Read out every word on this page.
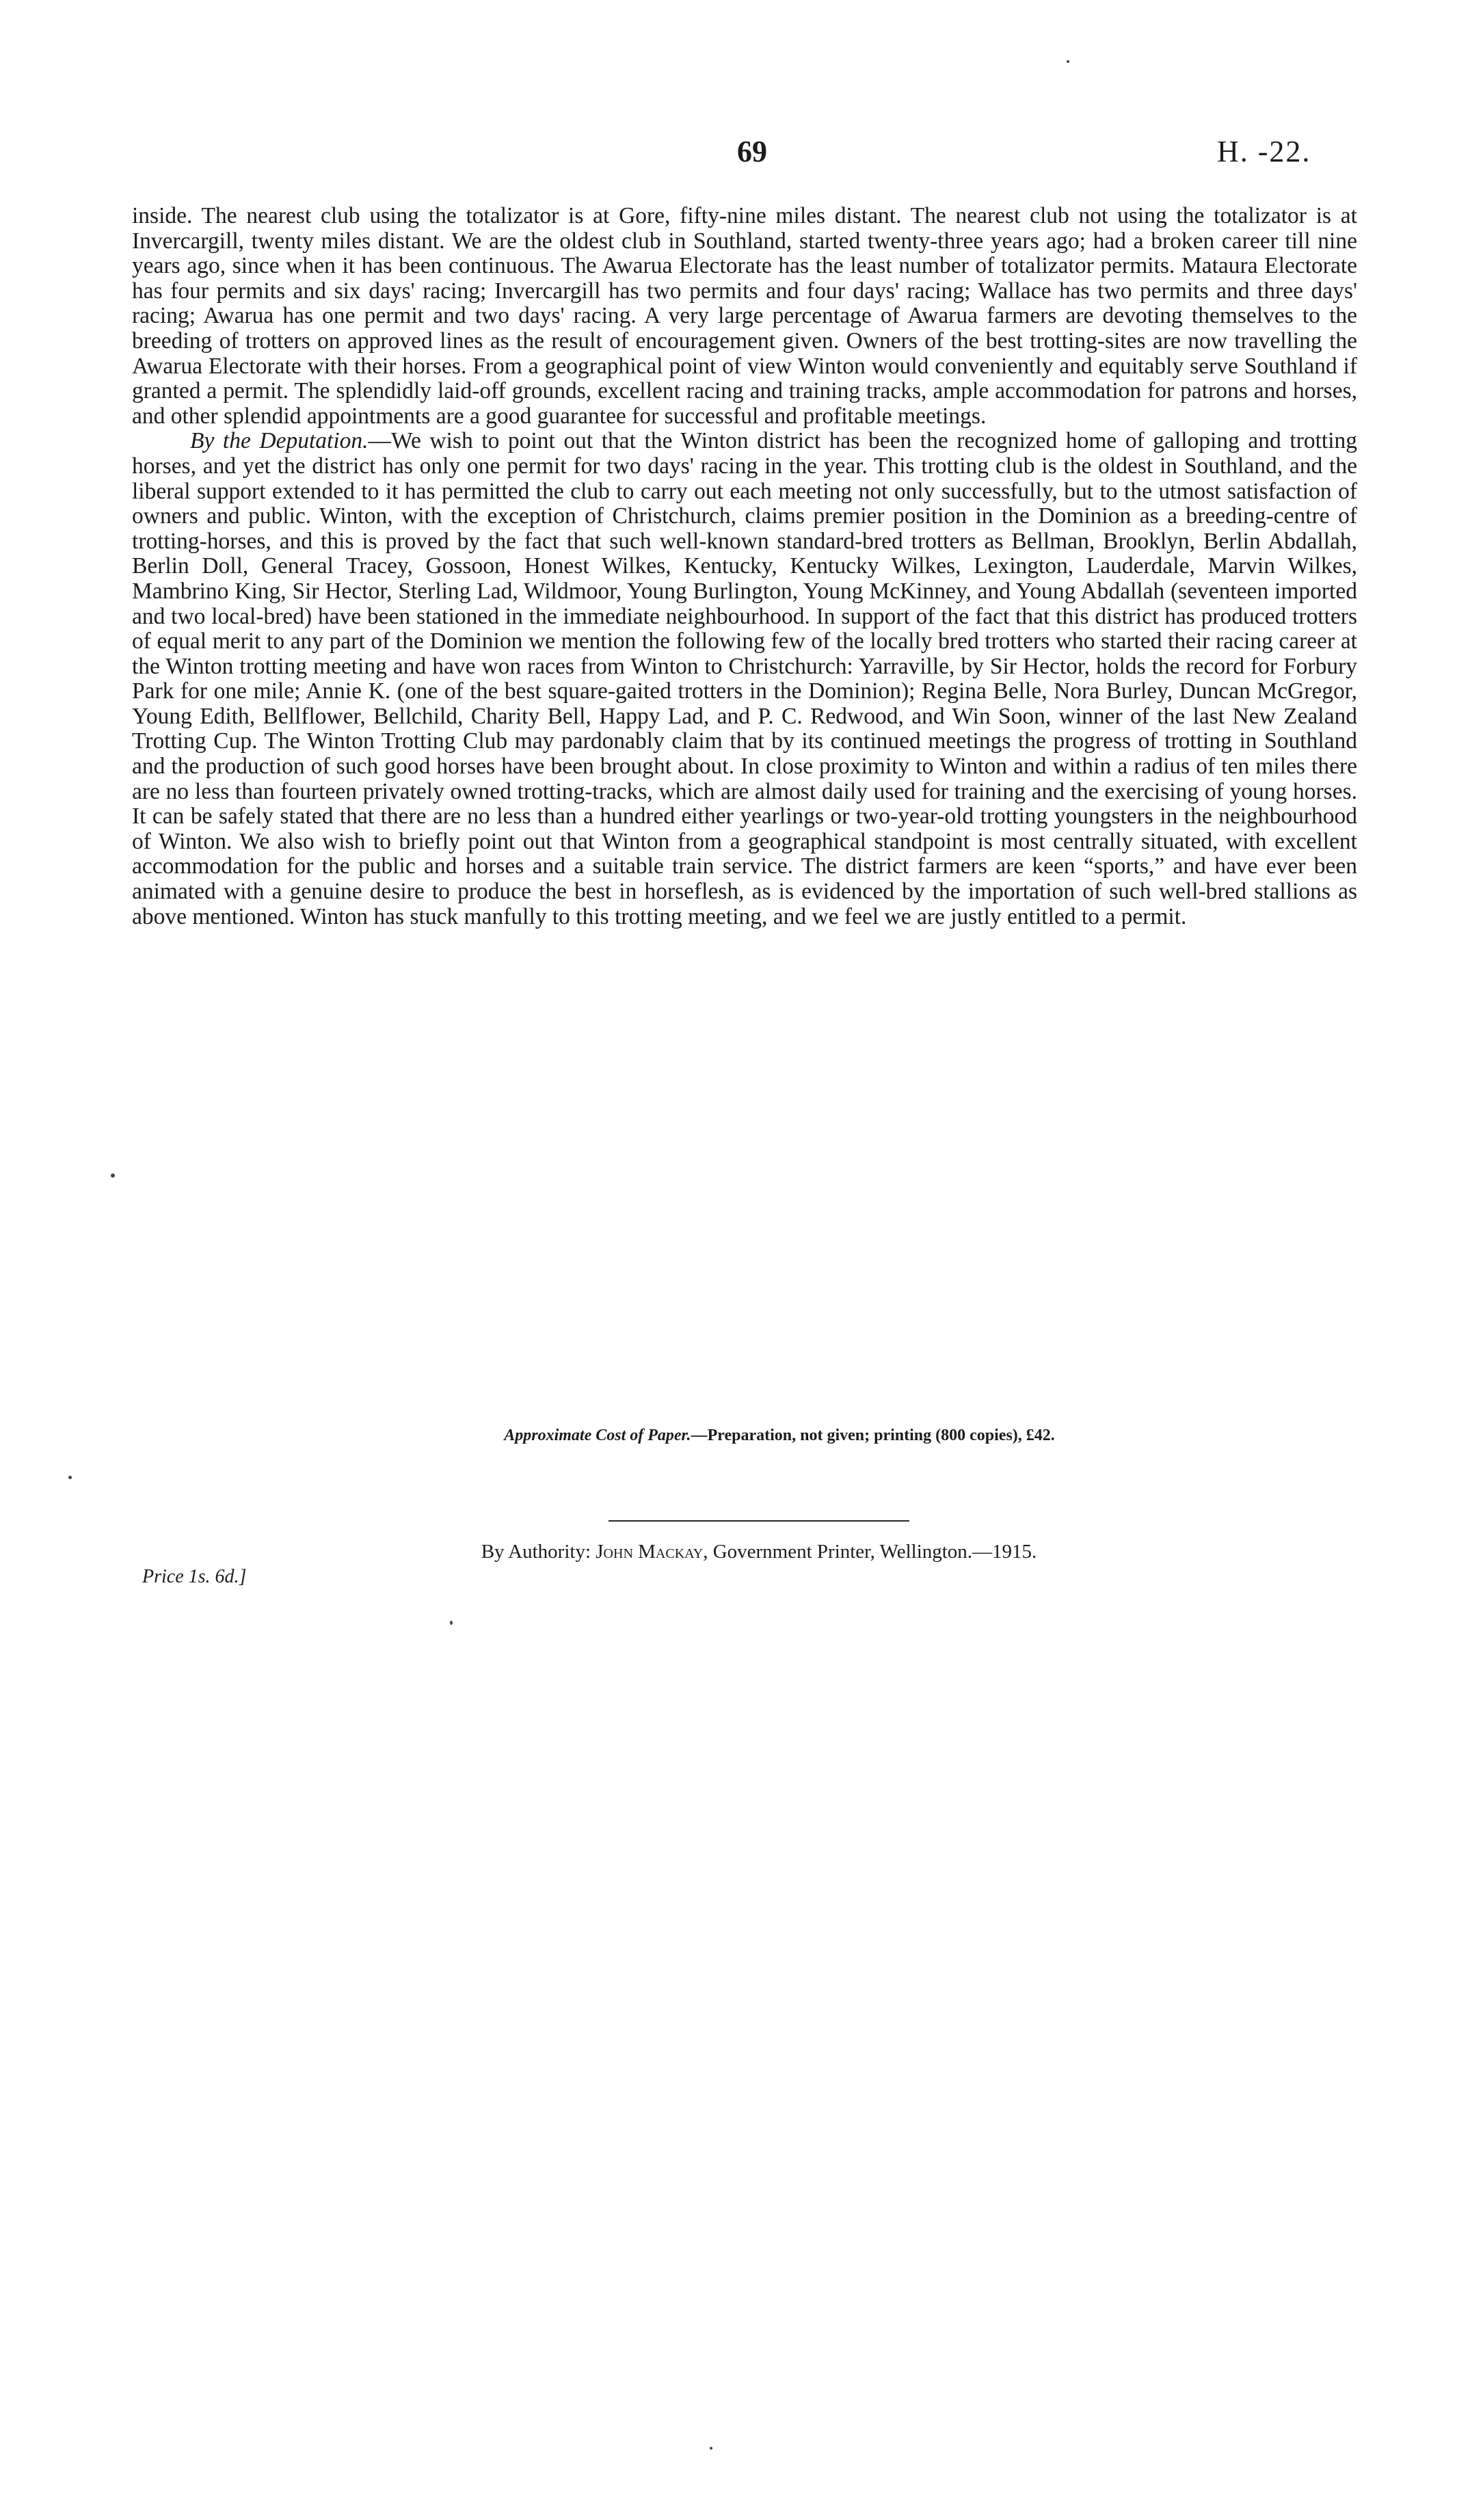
69	H. -22.

inside. The nearest club using the totalizator is at Gore, fifty-nine miles distant. The nearest club not using the totalizator is at Invercargill, twenty miles distant. We are the oldest club in Southland, started twenty-three years ago; had a broken career till nine years ago, since when it has been continuous. The Awarua Electorate has the least number of totalizator permits. Mataura Electorate has four permits and six days' racing; Invercargill has two permits and four days' racing; Wallace has two permits and three days' racing; Awarua has one permit and two days' racing. A very large percentage of Awarua farmers are devoting themselves to the breeding of trotters on approved lines as the result of encouragement given. Owners of the best trotting-sites are now travelling the Awarua Electorate with their horses. From a geographical point of view Winton would conveniently and equitably serve Southland if granted a permit. The splendidly laid-off grounds, excellent racing and training tracks, ample accommodation for patrons and horses, and other splendid appointments are a good guarantee for successful and profitable meetings.

By the Deputation.—We wish to point out that the Winton district has been the recognized home of galloping and trotting horses, and yet the district has only one permit for two days' racing in the year. This trotting club is the oldest in Southland, and the liberal support extended to it has permitted the club to carry out each meeting not only successfully, but to the utmost satisfaction of owners and public. Winton, with the exception of Christchurch, claims premier position in the Dominion as a breeding-centre of trotting-horses, and this is proved by the fact that such well-known standard-bred trotters as Bellman, Brooklyn, Berlin Abdallah, Berlin Doll, General Tracey, Gossoon, Honest Wilkes, Kentucky, Kentucky Wilkes, Lexington, Lauderdale, Marvin Wilkes, Mambrino King, Sir Hector, Sterling Lad, Wildmoor, Young Burlington, Young McKinney, and Young Abdallah (seventeen imported and two local-bred) have been stationed in the immediate neighbourhood. In support of the fact that this district has produced trotters of equal merit to any part of the Dominion we mention the following few of the locally bred trotters who started their racing career at the Winton trotting meeting and have won races from Winton to Christchurch: Yarraville, by Sir Hector, holds the record for Forbury Park for one mile; Annie K. (one of the best square-gaited trotters in the Dominion); Regina Belle, Nora Burley, Duncan McGregor, Young Edith, Bellflower, Bellchild, Charity Bell, Happy Lad, and P. C. Redwood, and Win Soon, winner of the last New Zealand Trotting Cup. The Winton Trotting Club may pardonably claim that by its continued meetings the progress of trotting in Southland and the production of such good horses have been brought about. In close proximity to Winton and within a radius of ten miles there are no less than fourteen privately owned trotting-tracks, which are almost daily used for training and the exercising of young horses. It can be safely stated that there are no less than a hundred either yearlings or two-year-old trotting youngsters in the neighbourhood of Winton. We also wish to briefly point out that Winton from a geographical standpoint is most centrally situated, with excellent accommodation for the public and horses and a suitable train service. The district farmers are keen “sports,” and have ever been animated with a genuine desire to produce the best in horseflesh, as is evidenced by the importation of such well-bred stallions as above mentioned. Winton has stuck manfully to this trotting meeting, and we feel we are justly entitled to a permit.

Approximate Cost of Paper.—Preparation, not given; printing (800 copies), £42.
By Authority: John Mackay, Government Printer, Wellington.—1915.
Price 1s. 6d.]
